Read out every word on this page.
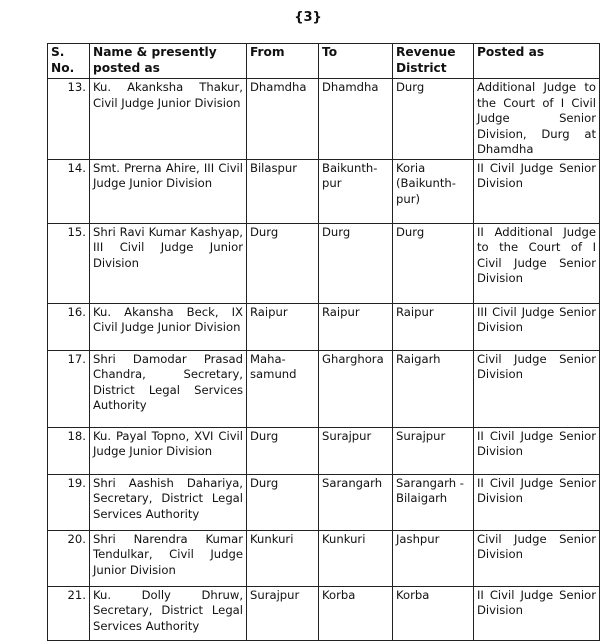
{3}
S. No.	Name & presently posted as	From	To	Revenue District	Posted as
13.	Ku. Akanksha Thakur, Civil Judge Junior Division	Dhamdha	Dhamdha	Durg	Additional Judge to the Court of I Civil Judge Senior Division, Durg at Dhamdha
14.	Smt. Prerna Ahire, III Civil Judge Junior Division	Bilaspur	Baikunth-pur	Koria (Baikunth-pur)	II Civil Judge Senior Division
15.	Shri Ravi Kumar Kashyap, III Civil Judge Junior Division	Durg	Durg	Durg	II Additional Judge to the Court of I Civil Judge Senior Division
16.	Ku. Akansha Beck, IX Civil Judge Junior Division	Raipur	Raipur	Raipur	III Civil Judge Senior Division
17.	Shri Damodar Prasad Chandra, Secretary, District Legal Services Authority	Maha-samund	Gharghora	Raigarh	Civil Judge Senior Division
18.	Ku. Payal Topno, XVI Civil Judge Junior Division	Durg	Surajpur	Surajpur	II Civil Judge Senior Division
19.	Shri Aashish Dahariya, Secretary, District Legal Services Authority	Durg	Sarangarh	Sarangarh - Bilaigarh	II Civil Judge Senior Division
20.	Shri Narendra Kumar Tendulkar, Civil Judge Junior Division	Kunkuri	Kunkuri	Jashpur	Civil Judge Senior Division
21.	Ku. Dolly Dhruw, Secretary, District Legal Services Authority	Surajpur	Korba	Korba	II Civil Judge Senior Division
